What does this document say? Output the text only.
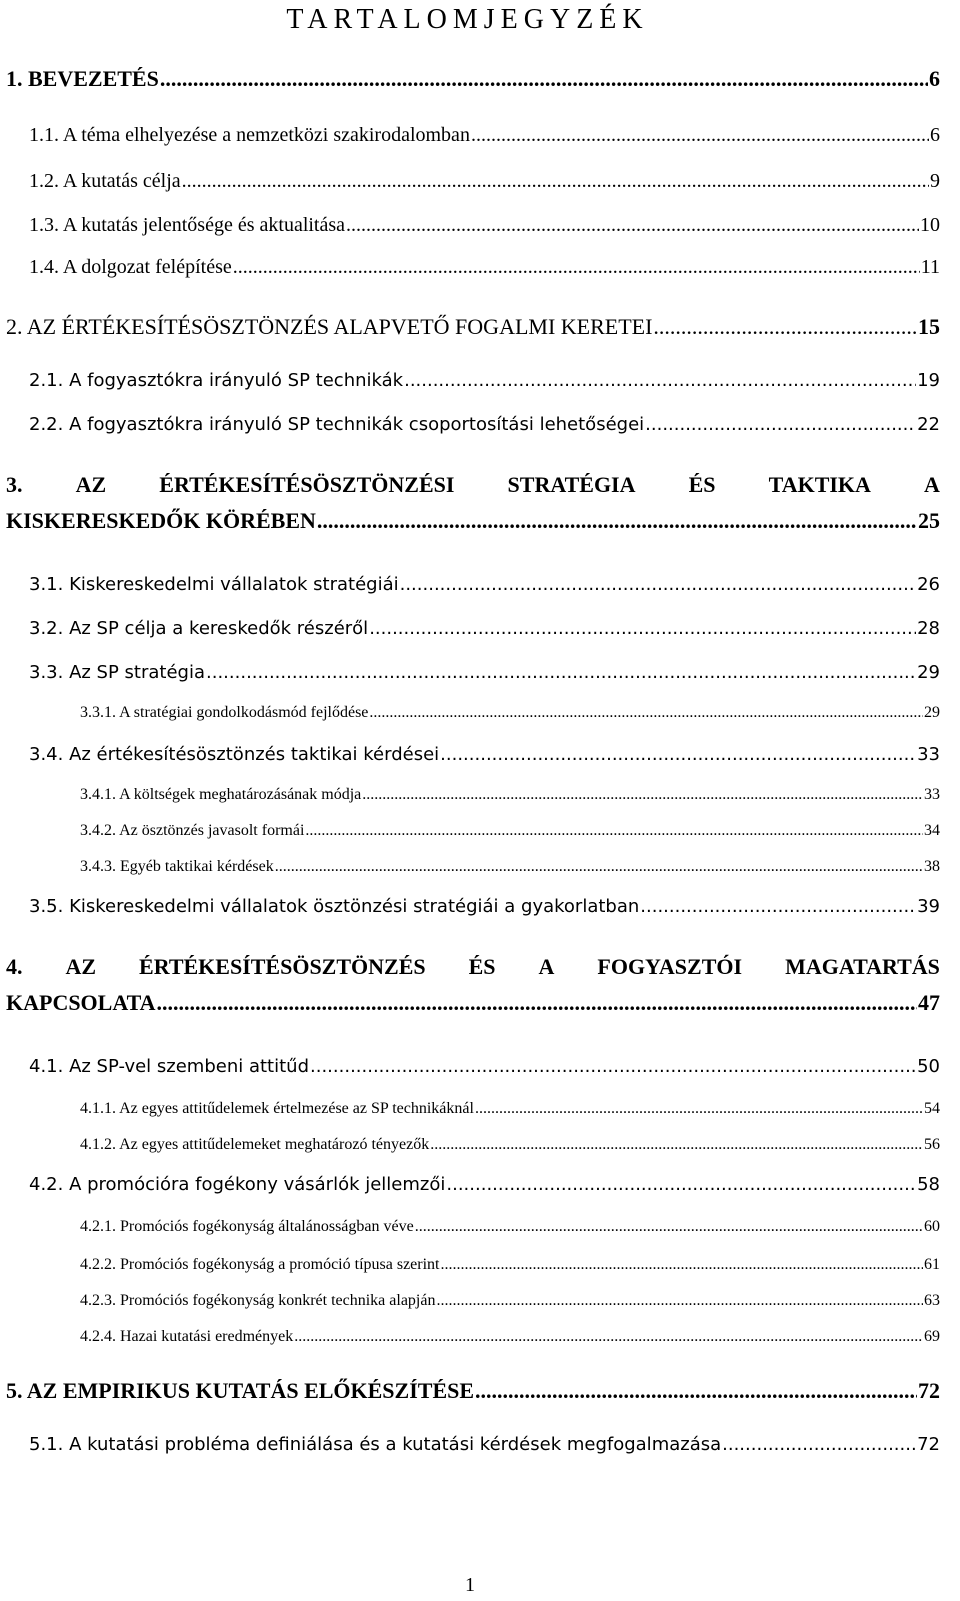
TARTALOMJEGYZÉK
1. BEVEZETÉS .....	6
1.1. A téma elhelyezése a nemzetközi szakirodalomban .....	6
1.2. A kutatás célja .....	9
1.3. A kutatás jelentősége és aktualitása .....	10
1.4. A dolgozat felépítése .....	11
2. AZ ÉRTÉKESÍTÉSÖSZTÖNZÉS ALAPVETŐ FOGALMI KERETEI .....	15
2.1. A fogyasztókra irányuló SP technikák .....	19
2.2. A fogyasztókra irányuló SP technikák csoportosítási lehetőségei .....	22
3. AZ ÉRTÉKESÍTÉSÖSZTÖNZÉSI STRATÉGIA ÉS TAKTIKA A
KISKERESKEDŐK KÖRÉBEN .....	25
3.1. Kiskereskedelmi vállalatok stratégiái .....	26
3.2. Az SP célja a kereskedők részéről .....	28
3.3. Az SP stratégia .....	29
3.3.1. A stratégiai gondolkodásmód fejlődése .....	29
3.4. Az értékesítésösztönzés taktikai kérdései .....	33
3.4.1. A költségek meghatározásának módja .....	33
3.4.2. Az ösztönzés javasolt formái .....	34
3.4.3. Egyéb taktikai kérdések .....	38
3.5. Kiskereskedelmi vállalatok ösztönzési stratégiái a gyakorlatban .....	39
4. AZ ÉRTÉKESÍTÉSÖSZTÖNZÉS ÉS A FOGYASZTÓI MAGATARTÁS
KAPCSOLATA .....	47
4.1. Az SP-vel szembeni attitűd .....	50
4.1.1. Az egyes attitűdelemek értelmezése az SP technikáknál .....	54
4.1.2. Az egyes attitűdelemeket meghatározó tényezők .....	56
4.2. A promócióra fogékony vásárlók jellemzői .....	58
4.2.1. Promóciós fogékonyság általánosságban véve .....	60
4.2.2. Promóciós fogékonyság a promóció típusa szerint .....	61
4.2.3. Promóciós fogékonyság konkrét technika alapján .....	63
4.2.4. Hazai kutatási eredmények .....	69
5. AZ EMPIRIKUS KUTATÁS ELŐKÉSZÍTÉSE .....	72
5.1. A kutatási probléma definiálása és a kutatási kérdések megfogalmazása .....	72
1
